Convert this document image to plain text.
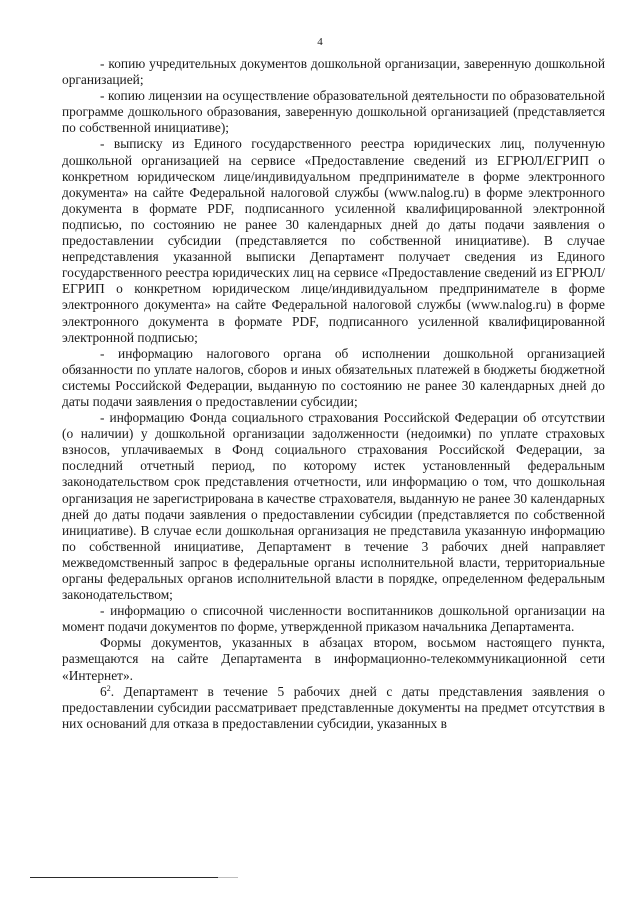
4

- копию учредительных документов дошкольной организации, заверенную дошкольной организацией;

- копию лицензии на осуществление образовательной деятельности по образовательной программе дошкольного образования, заверенную дошкольной организацией (представляется по собственной инициативе);

- выписку из Единого государственного реестра юридических лиц, полученную дошкольной организацией на сервисе «Предоставление сведений из ЕГРЮЛ/ЕГРИП о конкретном юридическом лице/индивидуальном предпринимателе в форме электронного документа» на сайте Федеральной налоговой службы (www.nalog.ru) в форме электронного документа в формате PDF, подписанного усиленной квалифицированной электронной подписью, по состоянию не ранее 30 календарных дней до даты подачи заявления о предоставлении субсидии (представляется по собственной инициативе). В случае непредставления указанной выписки Департамент получает сведения из Единого государственного реестра юридических лиц на сервисе «Предоставление сведений из ЕГРЮЛ/ЕГРИП о конкретном юридическом лице/индивидуальном предпринимателе в форме электронного документа» на сайте Федеральной налоговой службы (www.nalog.ru) в форме электронного документа в формате PDF, подписанного усиленной квалифицированной электронной подписью;

- информацию налогового органа об исполнении дошкольной организацией обязанности по уплате налогов, сборов и иных обязательных платежей в бюджеты бюджетной системы Российской Федерации, выданную по состоянию не ранее 30 календарных дней до даты подачи заявления о предоставлении субсидии;

- информацию Фонда социального страхования Российской Федерации об отсутствии (о наличии) у дошкольной организации задолженности (недоимки) по уплате страховых взносов, уплачиваемых в Фонд социального страхования Российской Федерации, за последний отчетный период, по которому истек установленный федеральным законодательством срок представления отчетности, или информацию о том, что дошкольная организация не зарегистрирована в качестве страхователя, выданную не ранее 30 календарных дней до даты подачи заявления о предоставлении субсидии (представляется по собственной инициативе). В случае если дошкольная организация не представила указанную информацию по собственной инициативе, Департамент в течение 3 рабочих дней направляет межведомственный запрос в федеральные органы исполнительной власти, территориальные органы федеральных органов исполнительной власти в порядке, определенном федеральным законодательством;

- информацию о списочной численности воспитанников дошкольной организации на момент подачи документов по форме, утвержденной приказом начальника Департамента.

Формы документов, указанных в абзацах втором, восьмом настоящего пункта, размещаются на сайте Департамента в информационно-телекоммуникационной сети «Интернет».

$6^2$. Департамент в течение 5 рабочих дней с даты представления заявления о предоставлении субсидии рассматривает представленные документы на предмет отсутствия в них оснований для отказа в предоставлении субсидии, указанных в
